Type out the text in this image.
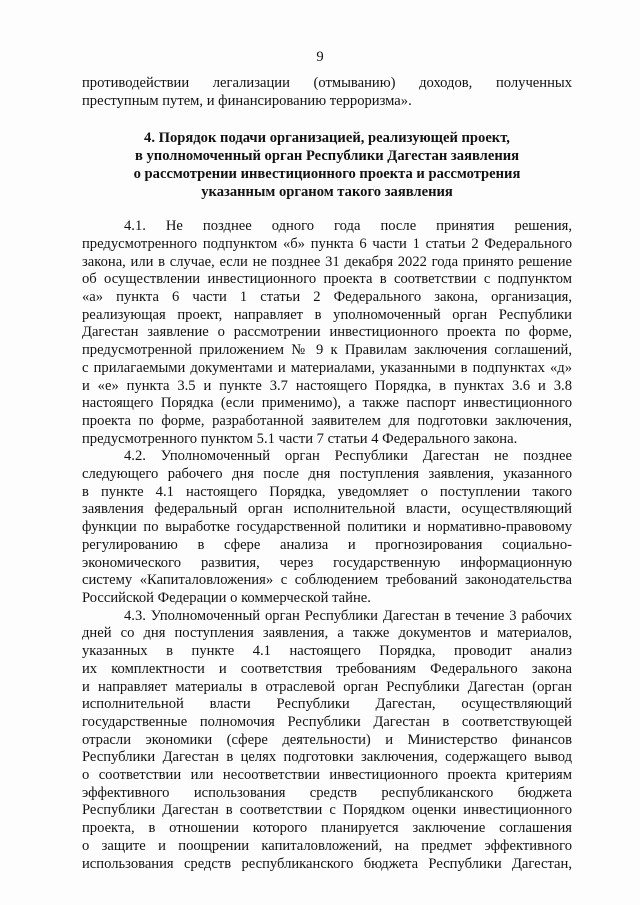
9
противодействии легализации (отмыванию) доходов, полученных
преступным путем, и финансированию терроризма».
4. Порядок подачи организацией, реализующей проект,
в уполномоченный орган Республики Дагестан заявления
о рассмотрении инвестиционного проекта и рассмотрения
указанным органом такого заявления
4.1. Не позднее одного года после принятия решения,
предусмотренного подпунктом «б» пункта 6 части 1 статьи 2 Федерального
закона, или в случае, если не позднее 31 декабря 2022 года принято решение
об осуществлении инвестиционного проекта в соответствии с подпунктом
«а» пункта 6 части 1 статьи 2 Федерального закона, организация,
реализующая проект, направляет в уполномоченный орган Республики
Дагестан заявление о рассмотрении инвестиционного проекта по форме,
предусмотренной приложением № 9 к Правилам заключения соглашений,
с прилагаемыми документами и материалами, указанными в подпунктах «д»
и «е» пункта 3.5 и пункте 3.7 настоящего Порядка, в пунктах 3.6 и 3.8
настоящего Порядка (если применимо), а также паспорт инвестиционного
проекта по форме, разработанной заявителем для подготовки заключения,
предусмотренного пунктом 5.1 части 7 статьи 4 Федерального закона.
4.2. Уполномоченный орган Республики Дагестан не позднее
следующего рабочего дня после дня поступления заявления, указанного
в пункте 4.1 настоящего Порядка, уведомляет о поступлении такого
заявления федеральный орган исполнительной власти, осуществляющий
функции по выработке государственной политики и нормативно-правовому
регулированию в сфере анализа и прогнозирования социально-
экономического развития, через государственную информационную
систему «Капиталовложения» с соблюдением требований законодательства
Российской Федерации о коммерческой тайне.
4.3. Уполномоченный орган Республики Дагестан в течение 3 рабочих
дней со дня поступления заявления, а также документов и материалов,
указанных в пункте 4.1 настоящего Порядка, проводит анализ
их комплектности и соответствия требованиям Федерального закона
и направляет материалы в отраслевой орган Республики Дагестан (орган
исполнительной власти Республики Дагестан, осуществляющий
государственные полномочия Республики Дагестан в соответствующей
отрасли экономики (сфере деятельности) и Министерство финансов
Республики Дагестан в целях подготовки заключения, содержащего вывод
о соответствии или несоответствии инвестиционного проекта критериям
эффективного использования средств республиканского бюджета
Республики Дагестан в соответствии с Порядком оценки инвестиционного
проекта, в отношении которого планируется заключение соглашения
о защите и поощрении капиталовложений, на предмет эффективного
использования средств республиканского бюджета Республики Дагестан,
